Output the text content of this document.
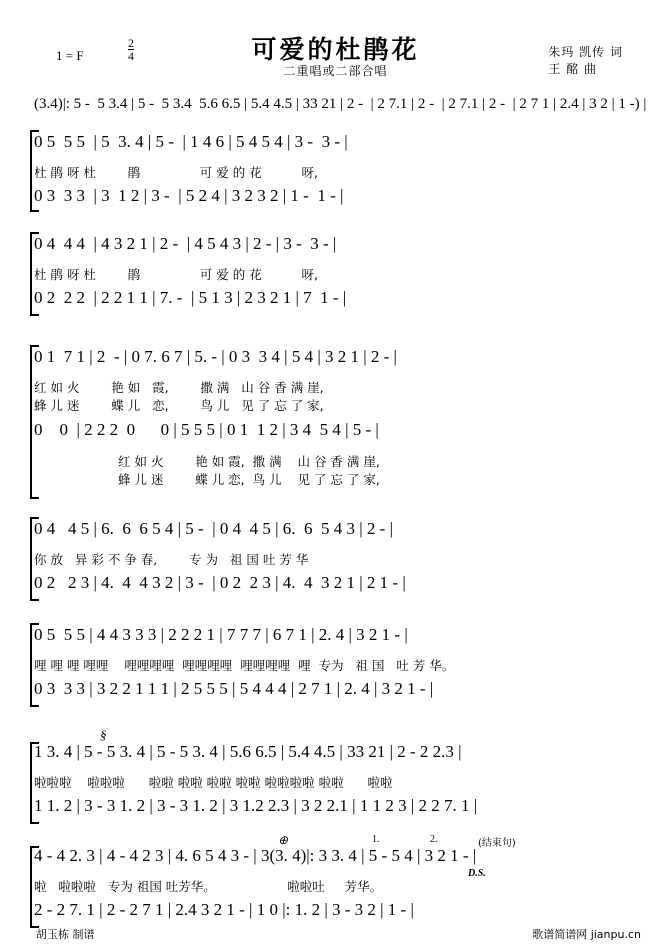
可爱的杜鹃花
二重唱或二部合唱
1 = F	$\frac{2}{4}$	朱玛 凯传 词
王 酩 曲
(3.4)|: 5 -  5 3.4 | 5 -  5 3.4  5.6 6.5 | 5.4 4.5 | 33 21 | 2 -  | 2 7.1 | 2 -  | 2 7.1 | 2 -  | 2 7 1 | 2.4 | 3 2 | 1 -) |
0 5  5 5  | 5  3. 4 | 5 -  | 1 4 6 | 5 4 5 4 | 3 -  3 - |
杜 鹃 呀 杜        鹃               可 爱 的 花          呀,
0 3  3 3  | 3  1 2 | 3 -  | 5 2 4 | 3 2 3 2 | 1 -  1 - |
0 4  4 4  | 4 3 2 1 | 2 -  | 4 5 4 3 | 2 - | 3 -  3 - |
杜 鹃 呀 杜        鹃               可 爱 的 花          呀,
0 2  2 2  | 2 2 1 1 | 7. -  | 5 1 3 | 2 3 2 1 | 7  1 - |
0 1  7 1 | 2  - | 0 7. 6 7 | 5. - | 0 3  3 4 | 5 4 | 3 2 1 | 2 - |
红 如 火        艳 如   霞,        撒 满   山 谷 香 满 崖,
蜂 儿 迷        蝶 儿   恋,        鸟 儿   见 了 忘 了 家,
0    0  | 2 2 2  0      0 | 5 5 5 | 0 1  1 2 | 3 4  5 4 | 5 - |
红 如 火        艳 如 霞,  撒 满    山 谷 香 满 崖,
蜂 儿 迷        蝶 儿 恋,  鸟 儿    见 了 忘 了 家,
0 4   4 5 | 6.  6  6 5 4 | 5 -  | 0 4  4 5 | 6.  6  5 4 3 | 2 - |
你 放   异 彩 不 争 春,        专 为   祖 国 吐 芳 华
0 2   2 3 | 4.  4  4 3 2 | 3 -  | 0 2  2 3 | 4.  4  3 2 1 | 2 1 - |
0 5  5 5 | 4 4 3 3 3 | 2 2 2 1 | 7 7 7 | 6 7 1 | 2. 4 | 3 2 1 - |
哩 哩 哩 哩哩    哩哩哩哩  哩哩哩哩  哩哩哩哩  哩  专为   祖 国   吐 芳 华。
0 3  3 3 | 3 2 2 1 1 1 | 2 5 5 5 | 5 4 4 4 | 2 7 1 | 2. 4 | 3 2 1 - |
§
1 3. 4 | 5 - 5 3. 4 | 5 - 5 3. 4 | 5.6 6.5 | 5.4 4.5 | 33 21 | 2 - 2 2.3 |
啦啦啦    啦啦啦      啦啦 啦啦 啦啦 啦啦 啦啦啦啦 啦啦      啦啦
1 1. 2 | 3 - 3 1. 2 | 3 - 3 1. 2 | 3 1.2 2.3 | 3 2 2.1 | 1 1 2 3 | 2 2 7. 1 |
⊕	1.	2.	(结束句)
4 - 4 2. 3 | 4 - 4 2 3 | 4. 6 5 4 3 - | 3(3. 4)|: 3 3. 4 | 5 - 5 4 | 3 2 1 - |
啦   啦啦啦   专为 祖国 吐芳华。                  啦啦吐     芳华。
D.S.
2 - 2 7. 1 | 2 - 2 7 1 | 2.4 3 2 1 - | 1 0 |: 1. 2 | 3 - 3 2 | 1 - |
胡玉栋 制谱	歌谱简谱网 jianpu.cn
